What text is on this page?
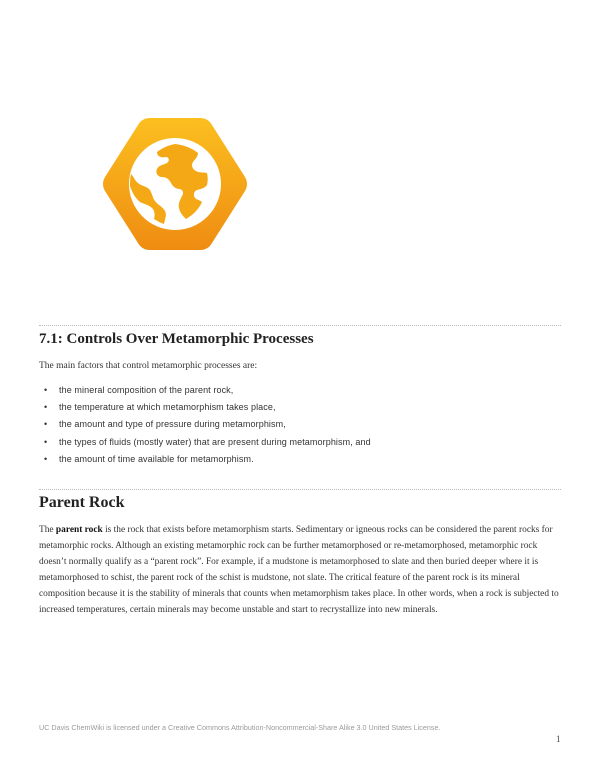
7.1: Controls Over Metamorphic Processes

The main factors that control metamorphic processes are:

• the mineral composition of the parent rock,
• the temperature at which metamorphism takes place,
• the amount and type of pressure during metamorphism,
• the types of fluids (mostly water) that are present during metamorphism, and
• the amount of time available for metamorphism.
Parent Rock

The parent rock is the rock that exists before metamorphism starts. Sedimentary or igneous rocks can be considered the parent rocks for metamorphic rocks. Although an existing metamorphic rock can be further metamorphosed or re-metamorphosed, metamorphic rock doesn’t normally qualify as a “parent rock”. For example, if a mudstone is metamorphosed to slate and then buried deeper where it is metamorphosed to schist, the parent rock of the schist is mudstone, not slate. The critical feature of the parent rock is its mineral composition because it is the stability of minerals that counts when metamorphism takes place. In other words, when a rock is subjected to increased temperatures, certain minerals may become unstable and start to recrystallize into new minerals.

UC Davis ChemWiki is licensed under a Creative Commons Attribution-Noncommercial-Share Alike 3.0 United States License.

1
